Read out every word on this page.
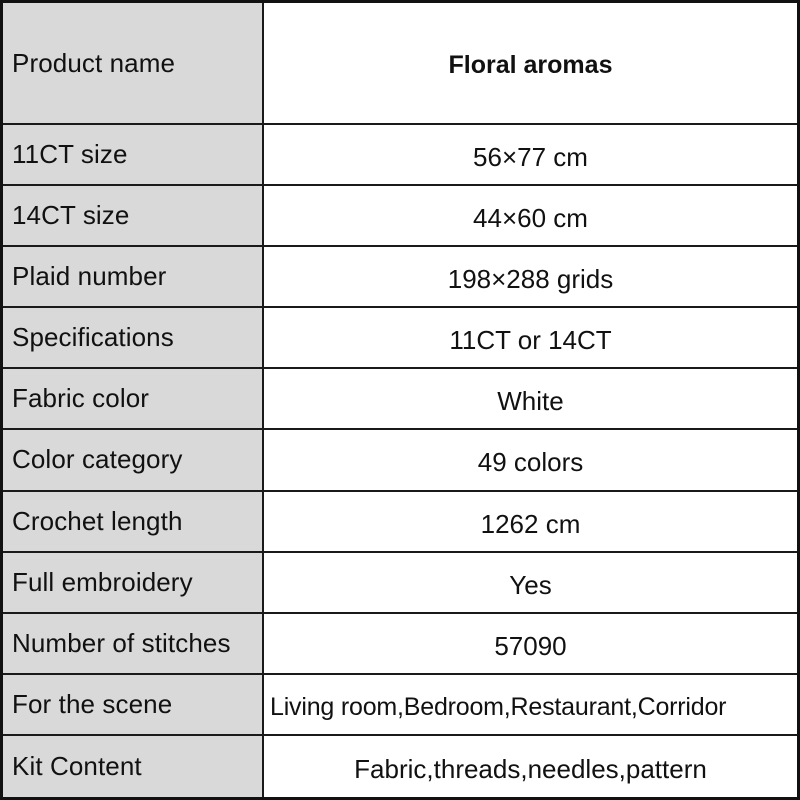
Product name	Floral aromas
11CT size	56×77 cm
14CT size	44×60 cm
Plaid number	198×288 grids
Specifications	11CT or 14CT
Fabric color	White
Color category	49 colors
Crochet length	1262 cm
Full embroidery	Yes
Number of stitches	57090
For the scene	Living room,Bedroom,Restaurant,Corridor
Kit Content	Fabric,threads,needles,pattern
